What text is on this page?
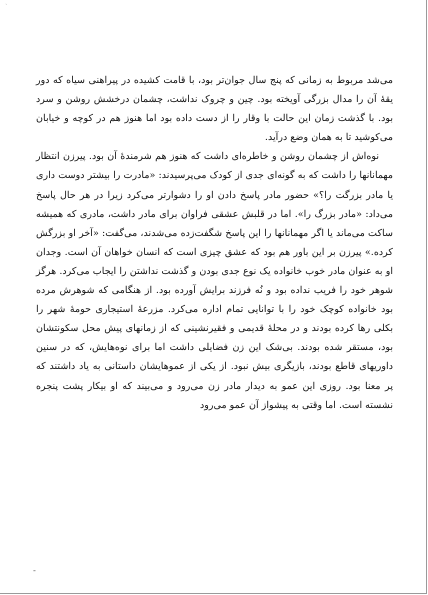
`

می‌شد مربوط به زمانی که پنج سال جوان‌تر بود، با قامت کشیده در پیراهنی سیاه که دور یقهٔ آن را مدال بزرگی آویخته بود. چین و چروک نداشت، چشمان درخشش روشن و سرد بود. با گذشت زمان این حالت با وقار را از دست داده بود اما هنوز هم در کوچه و خیابان می‌کوشید تا به همان وضع درآید.

نوه‌اش از چشمان روشن و خاطره‌ای داشت که هنوز هم شرمندهٔ آن بود. پیرزن انتظار مهمانانها را داشت که به گونه‌ای جدی از کودک می‌پرسیدند: «مادرت را بیشتر دوست داری یا مادر بزرگت را؟» حضور مادر پاسخ دادن او را دشوارتر می‌کرد زیرا در هر حال پاسخ می‌داد: «مادر بزرگ را». اما در قلبش عشقی فراوان برای مادر داشت، مادری که همیشه ساکت می‌ماند یا اگر مهمانانها را این پاسخ شگفت‌زده می‌شدند، می‌گفت: «آخر او بزرگش کرده.» پیرزن بر این باور هم بود که عشق چیزی است که انسان خواهان آن است. وجدان او به عنوان مادر خوب خانواده یک نوع جدی بودن و گذشت نداشتن را ایجاب می‌کرد. هرگز شوهر خود را فریب نداده بود و نُه فرزند برایش آورده بود. از هنگامی که شوهرش مرده بود خانواده کوچک خود را با توانایی تمام اداره می‌کرد. مزرعهٔ استیجاری حومهٔ شهر را بکلی رها کرده بودند و در محلهٔ قدیمی و فقیرنشینی که از زمانهای پیش محل سکونتشان بود، مستقر شده بودند. بی‌شک این زن فضایلی داشت اما برای نوه‌هایش، که در سنین داوریهای قاطع بودند، بازیگری بیش نبود. از یکی از عموهایشان داستانی به یاد داشتند که پر معنا بود. روزی این عمو به دیدار مادر زن می‌رود و می‌بیند که او بیکار پشت پنجره نشسته است. اما وقتی به پیشواز آن عمو می‌رود

-
